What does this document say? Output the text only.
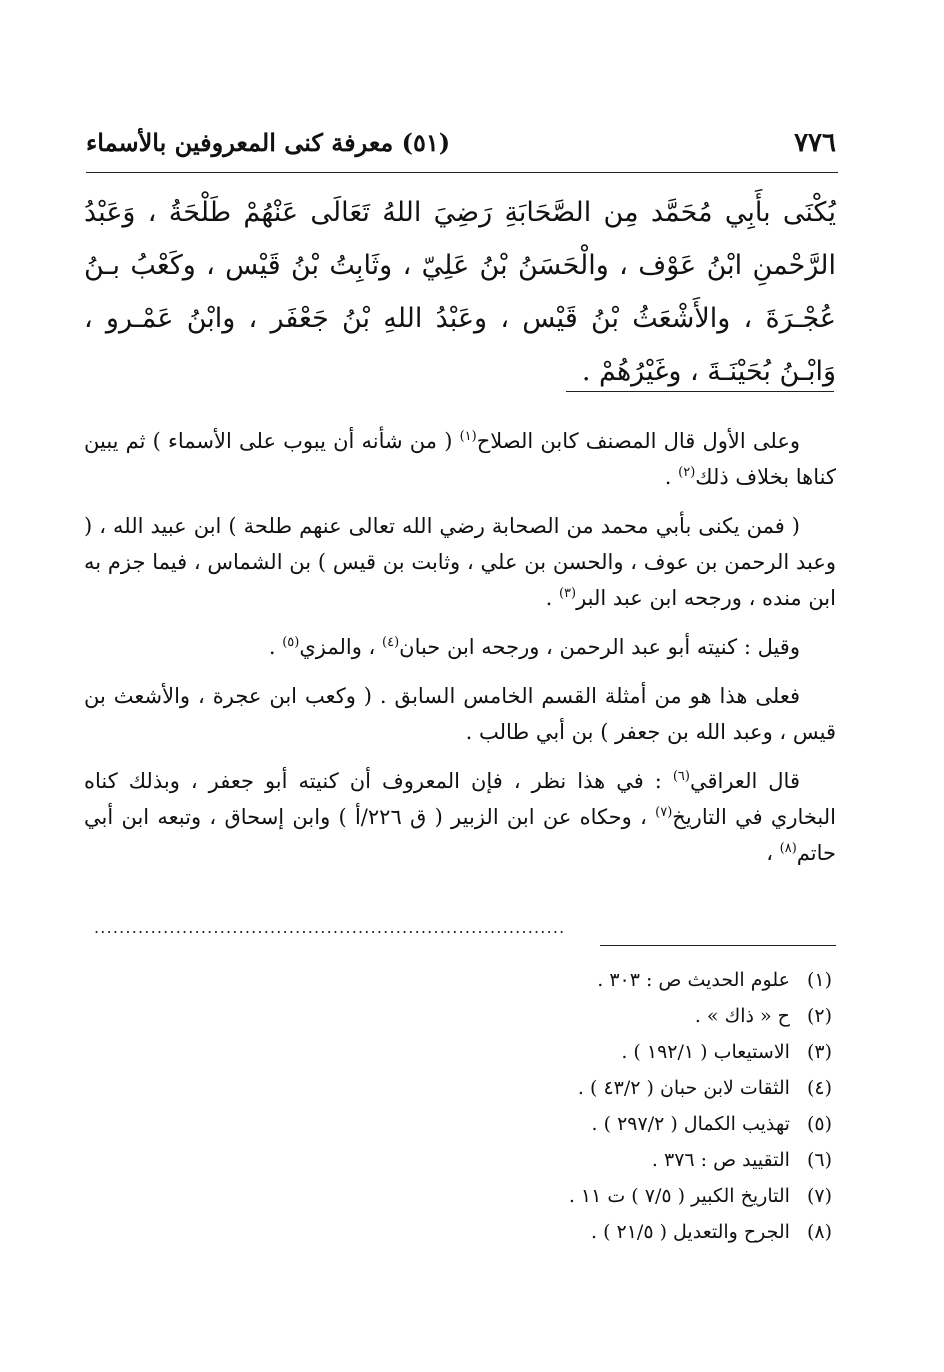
٧٧٦
(٥١) معرفة كنى المعروفين بالأسماء
يُكْنَى بأَبِي مُحَمَّد مِن الصَّحَابَةِ رَضِيَ اللهُ تَعَالَى عَنْهُمْ طَلْحَةُ ، وَعَبْدُ الرَّحْمنِ ابْنُ عَوْف ، والْحَسَنُ بْنُ عَلِيّ ، وثَابِتُ بْنُ قَيْس ، وكَعْبُ بـنُ عُجْـرَةَ ، والأَشْعَثُ بْنُ قَيْس ، وعَبْدُ اللهِ بْنُ جَعْفَر ، وابْنُ عَمْـرو ، وَابْـنُ بُحَيْنَـةَ ، وغَيْرُهُمْ .

وعلى الأول قال المصنف كابن الصلاح$^{(١)}$ ( من شأنه أن يبوب على الأسماء ) ثم يبين كناها بخلاف ذلك$^{(٢)}$ .

( فمن يكنى بأبي محمد من الصحابة رضي الله تعالى عنهم طلحة ) ابن عبيد الله ، ( وعبد الرحمن بن عوف ، والحسن بن علي ، وثابت بن قيس ) بن الشماس ، فيما جزم به ابن منده ، ورجحه ابن عبد البر$^{(٣)}$ .

وقيل : كنيته أبو عبد الرحمن ، ورجحه ابن حبان$^{(٤)}$ ، والمزي$^{(٥)}$ .

فعلى هذا هو من أمثلة القسم الخامس السابق . ( وكعب ابن عجرة ، والأشعث بن قيس ، وعبد الله بن جعفر ) بن أبي طالب .

قال العراقي$^{(٦)}$ : في هذا نظر ، فإن المعروف أن كنيته أبو جعفر ، وبذلك كناه البخاري في التاريخ$^{(٧)}$ ، وحكاه عن ابن الزبير ( ق ٢٢٦/أ ) وابن إسحاق ، وتبعه ابن أبي حاتم$^{(٨)}$ ،

...........................................................................
(١) علوم الحديث ص : ٣٠٣ .
(٢) ح « ذاك » .
(٣) الاستيعاب ( ١٩٢/١ ) .
(٤) الثقات لابن حبان ( ٤٣/٢ ) .
(٥) تهذيب الكمال ( ٢٩٧/٢ ) .
(٦) التقييد ص : ٣٧٦ .
(٧) التاريخ الكبير ( ٧/٥ ) ت ١١ .
(٨) الجرح والتعديل ( ٢١/٥ ) .
